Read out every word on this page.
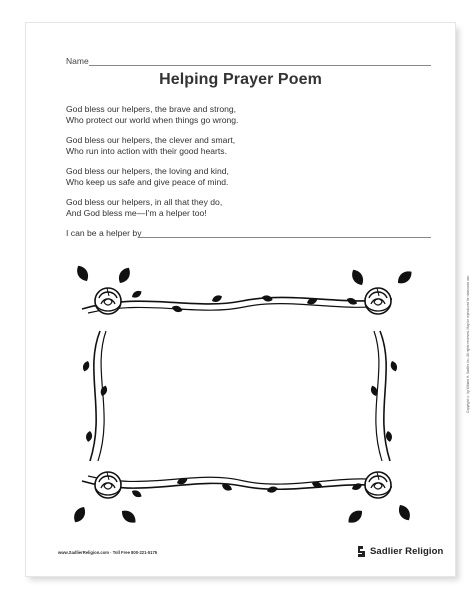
Name
Helping Prayer Poem
God bless our helpers, the brave and strong,
Who protect our world when things go wrong.
God bless our helpers, the clever and smart,
Who run into action with their good hearts.
God bless our helpers, the loving and kind,
Who keep us safe and give peace of mind.
God bless our helpers, in all that they do,
And God bless me—I'm a helper too!
I can be a helper by
Copyright © by William H. Sadlier, Inc. All rights reserved. May be reproduced for classroom use.
www.SadlierReligion.com · Toll Free 800-221-5175	Sadlier Religion
